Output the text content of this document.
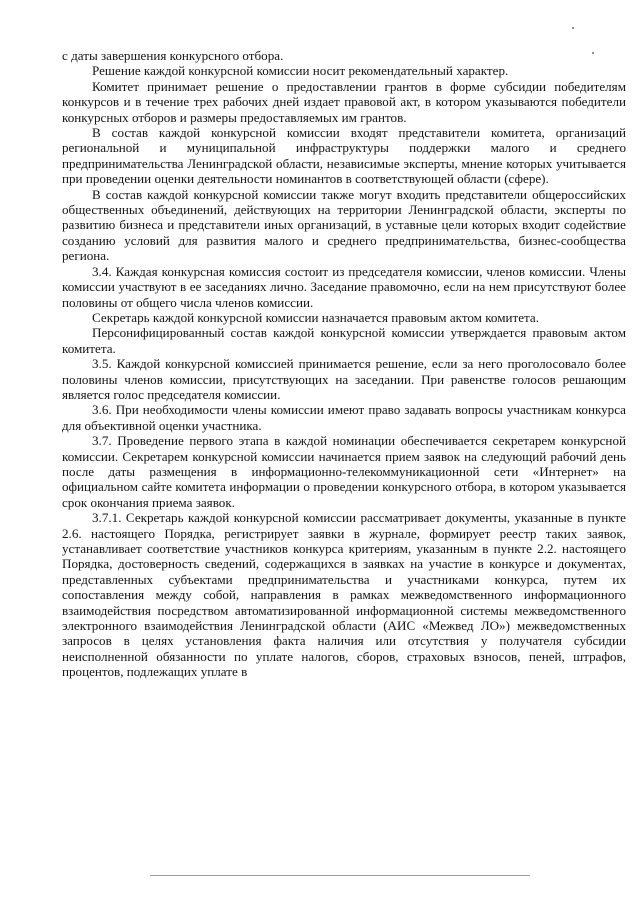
с даты завершения конкурсного отбора.

Решение каждой конкурсной комиссии носит рекомендательный характер.

Комитет принимает решение о предоставлении грантов в форме субсидии победителям конкурсов и в течение трех рабочих дней издает правовой акт, в котором указываются победители конкурсных отборов и размеры предоставляемых им грантов.

В состав каждой конкурсной комиссии входят представители комитета, организаций региональной и муниципальной инфраструктуры поддержки малого и среднего предпринимательства Ленинградской области, независимые эксперты, мнение которых учитывается при проведении оценки деятельности номинантов в соответствующей области (сфере).

В состав каждой конкурсной комиссии также могут входить представители общероссийских общественных объединений, действующих на территории Ленинградской области, эксперты по развитию бизнеса и представители иных организаций, в уставные цели которых входит содействие созданию условий для развития малого и среднего предпринимательства, бизнес-сообщества региона.

3.4. Каждая конкурсная комиссия состоит из председателя комиссии, членов комиссии. Члены комиссии участвуют в ее заседаниях лично. Заседание правомочно, если на нем присутствуют более половины от общего числа членов комиссии.

Секретарь каждой конкурсной комиссии назначается правовым актом комитета.

Персонифицированный состав каждой конкурсной комиссии утверждается правовым актом комитета.

3.5. Каждой конкурсной комиссией принимается решение, если за него проголосовало более половины членов комиссии, присутствующих на заседании. При равенстве голосов решающим является голос председателя комиссии.

3.6. При необходимости члены комиссии имеют право задавать вопросы участникам конкурса для объективной оценки участника.

3.7. Проведение первого этапа в каждой номинации обеспечивается секретарем конкурсной комиссии. Секретарем конкурсной комиссии начинается прием заявок на следующий рабочий день после даты размещения в информационно-телекоммуникационной сети «Интернет» на официальном сайте комитета информации о проведении конкурсного отбора, в котором указывается срок окончания приема заявок.

3.7.1. Секретарь каждой конкурсной комиссии рассматривает документы, указанные в пункте 2.6. настоящего Порядка, регистрирует заявки в журнале, формирует реестр таких заявок, устанавливает соответствие участников конкурса критериям, указанным в пункте 2.2. настоящего Порядка, достоверность сведений, содержащихся в заявках на участие в конкурсе и документах, представленных субъектами предпринимательства и участниками конкурса, путем их сопоставления между собой, направления в рамках межведомственного информационного взаимодействия посредством автоматизированной информационной системы межведомственного электронного взаимодействия Ленинградской области (АИС «Межвед ЛО») межведомственных запросов в целях установления факта наличия или отсутствия у получателя субсидии неисполненной обязанности по уплате налогов, сборов, страховых взносов, пеней, штрафов, процентов, подлежащих уплате в
